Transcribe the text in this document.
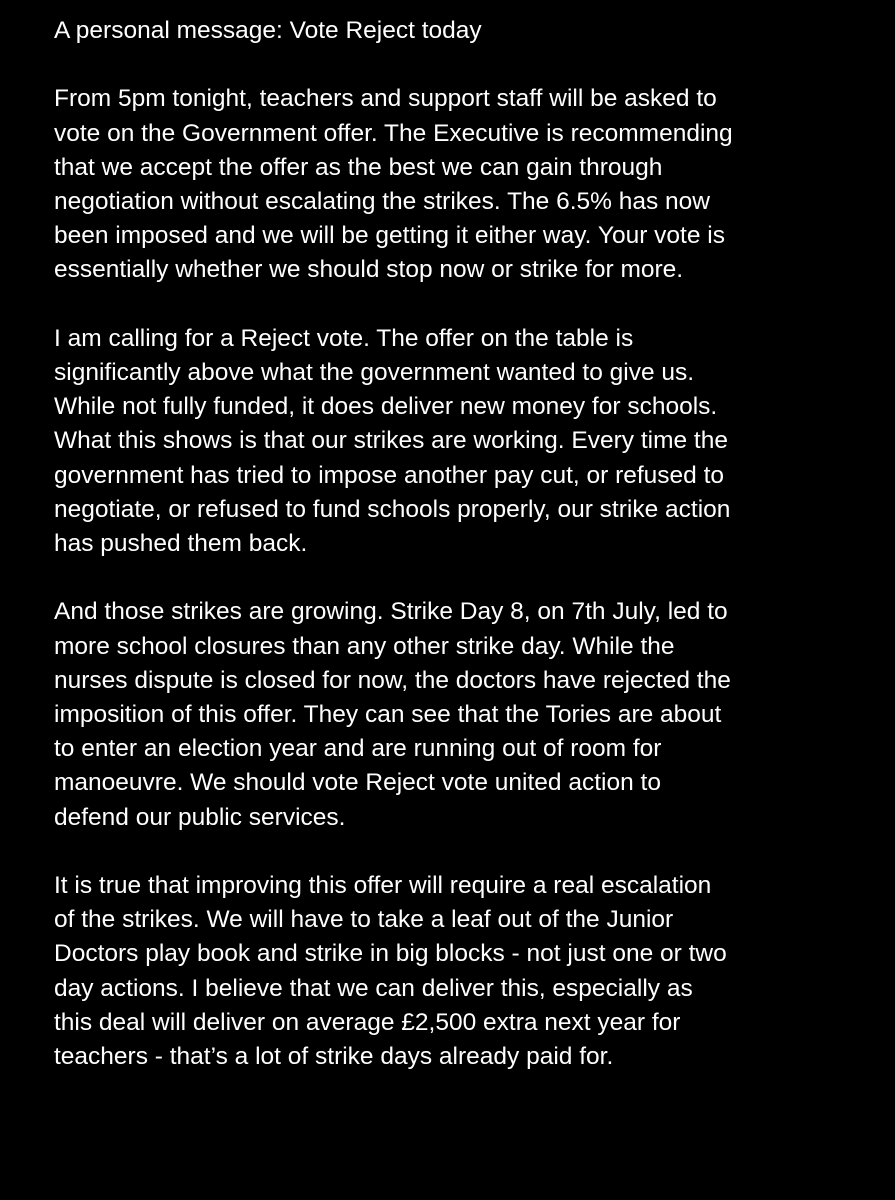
A personal message: Vote Reject today

From 5pm tonight, teachers and support staff will be asked to
vote on the Government offer. The Executive is recommending
that we accept the offer as the best we can gain through
negotiation without escalating the strikes. The 6.5% has now
been imposed and we will be getting it either way. Your vote is
essentially whether we should stop now or strike for more.

I am calling for a Reject vote. The offer on the table is
significantly above what the government wanted to give us.
While not fully funded, it does deliver new money for schools.
What this shows is that our strikes are working. Every time the
government has tried to impose another pay cut, or refused to
negotiate, or refused to fund schools properly, our strike action
has pushed them back.

And those strikes are growing. Strike Day 8, on 7th July, led to
more school closures than any other strike day. While the
nurses dispute is closed for now, the doctors have rejected the
imposition of this offer. They can see that the Tories are about
to enter an election year and are running out of room for
manoeuvre. We should vote Reject vote united action to
defend our public services.

It is true that improving this offer will require a real escalation
of the strikes. We will have to take a leaf out of the Junior
Doctors play book and strike in big blocks - not just one or two
day actions. I believe that we can deliver this, especially as
this deal will deliver on average £2,500 extra next year for
teachers - that’s a lot of strike days already paid for.
